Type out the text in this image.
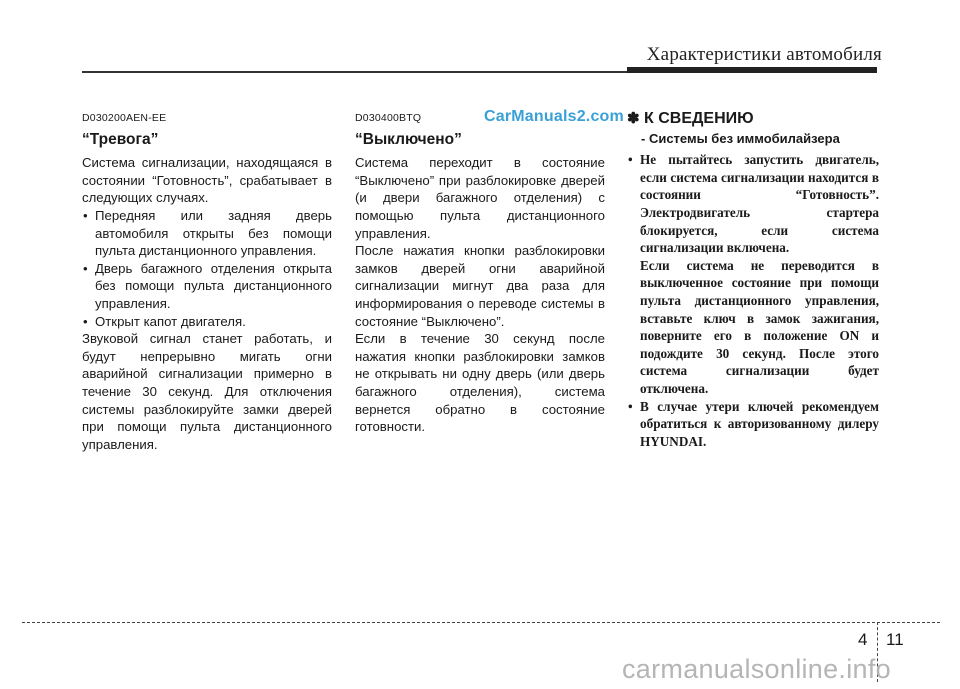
Характеристики автомобиля

D030200AEN-EE

“Тревога”

Система сигнализации, находящаяся в состоянии “Готовность”, срабатывает в следующих случаях.

• Передняя или задняя дверь автомобиля открыты без помощи пульта дистанционного управления.
• Дверь багажного отделения открыта без помощи пульта дистанционного управления.
• Открыт капот двигателя.

Звуковой сигнал станет работать, и будут непрерывно мигать огни аварийной сигнализации примерно в течение 30 секунд. Для отключения системы разблокируйте замки дверей при помощи пульта дистанционного управления.

CarManuals2.com

D030400BTQ

“Выключено”

Система переходит в состояние “Выключено” при разблокировке дверей (и двери багажного отделения) с помощью пульта дистанционного управления.

После нажатия кнопки разблокировки замков дверей огни аварийной сигнализации мигнут два раза для информирования о переводе системы в состояние “Выключено”.

Если в течение 30 секунд после нажатия кнопки разблокировки замков не открывать ни одну дверь (или дверь багажного отделения), система вернется обратно в состояние готовности.

✽ К СВЕДЕНИЮ

- Системы без иммобилайзера

• Не пытайтесь запустить двигатель, если система сигнализации находится в состоянии “Готовность”. Электродвигатель стартера блокируется, если система сигнализации включена.

Если система не переводится в выключенное состояние при помощи пульта дистанционного управления, вставьте ключ в замок зажигания, поверните его в положение ON и подождите 30 секунд. После этого система сигнализации будет отключена.

• В случае утери ключей рекомендуем обратиться к авторизованному дилеру HYUNDAI.
4 11
carmanualsonline.info
